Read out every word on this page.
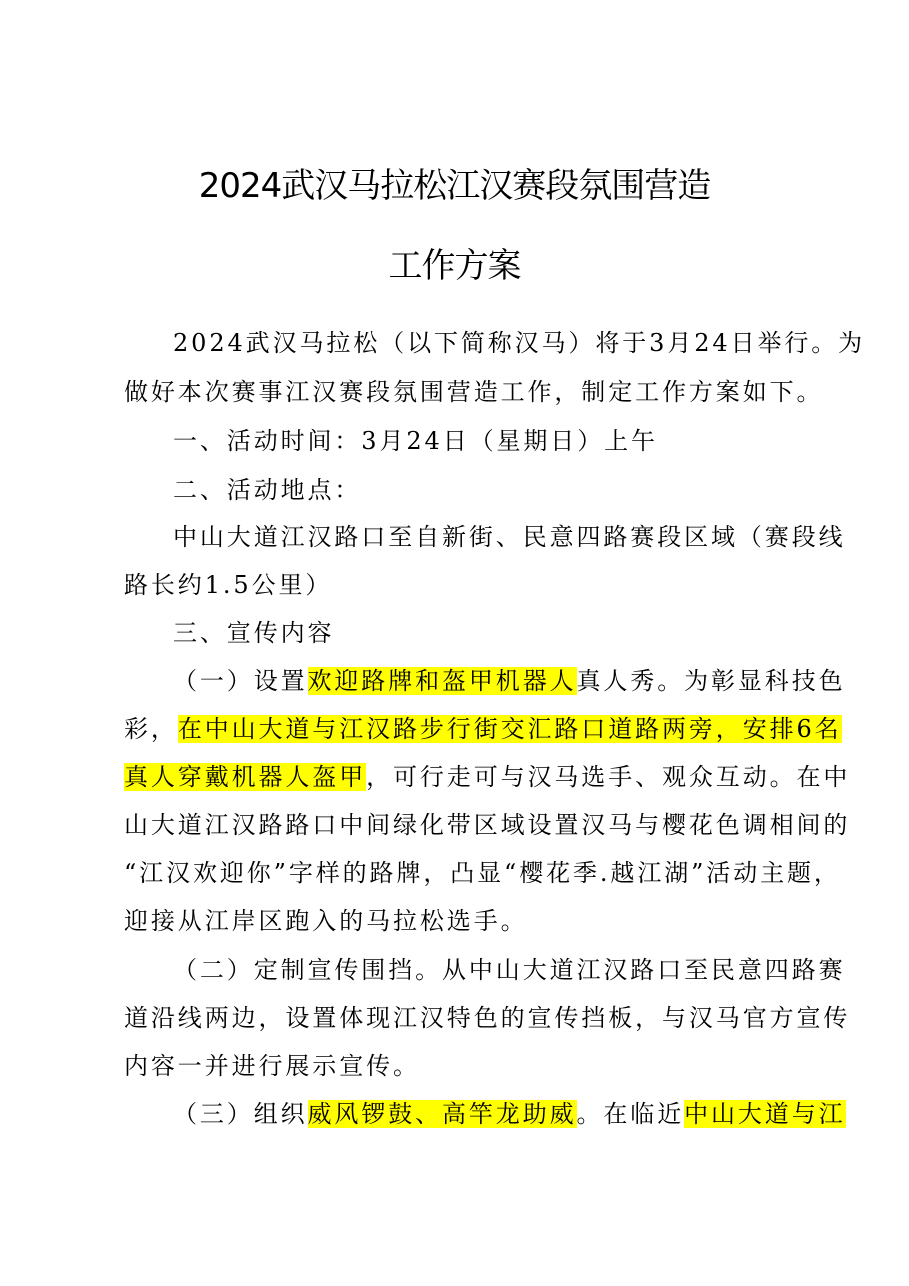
2024武汉马拉松江汉赛段氛围营造
工作方案
2024武汉马拉松（以下简称汉马）将于3月24日举行。为
做好本次赛事江汉赛段氛围营造工作，制定工作方案如下。
一、活动时间：3月24日（星期日）上午
二、活动地点：
中山大道江汉路口至自新街、民意四路赛段区域（赛段线
路长约1.5公里）
三、宣传内容
（一）设置欢迎路牌和盔甲机器人真人秀。为彰显科技色
彩，在中山大道与江汉路步行街交汇路口道路两旁，安排6名
真人穿戴机器人盔甲，可行走可与汉马选手、观众互动。在中
山大道江汉路路口中间绿化带区域设置汉马与樱花色调相间的
“江汉欢迎你”字样的路牌，凸显“樱花季.越江湖”活动主题，
迎接从江岸区跑入的马拉松选手。
（二）定制宣传围挡。从中山大道江汉路口至民意四路赛
道沿线两边，设置体现江汉特色的宣传挡板，与汉马官方宣传
内容一并进行展示宣传。
（三）组织威风锣鼓、高竿龙助威。在临近中山大道与江
